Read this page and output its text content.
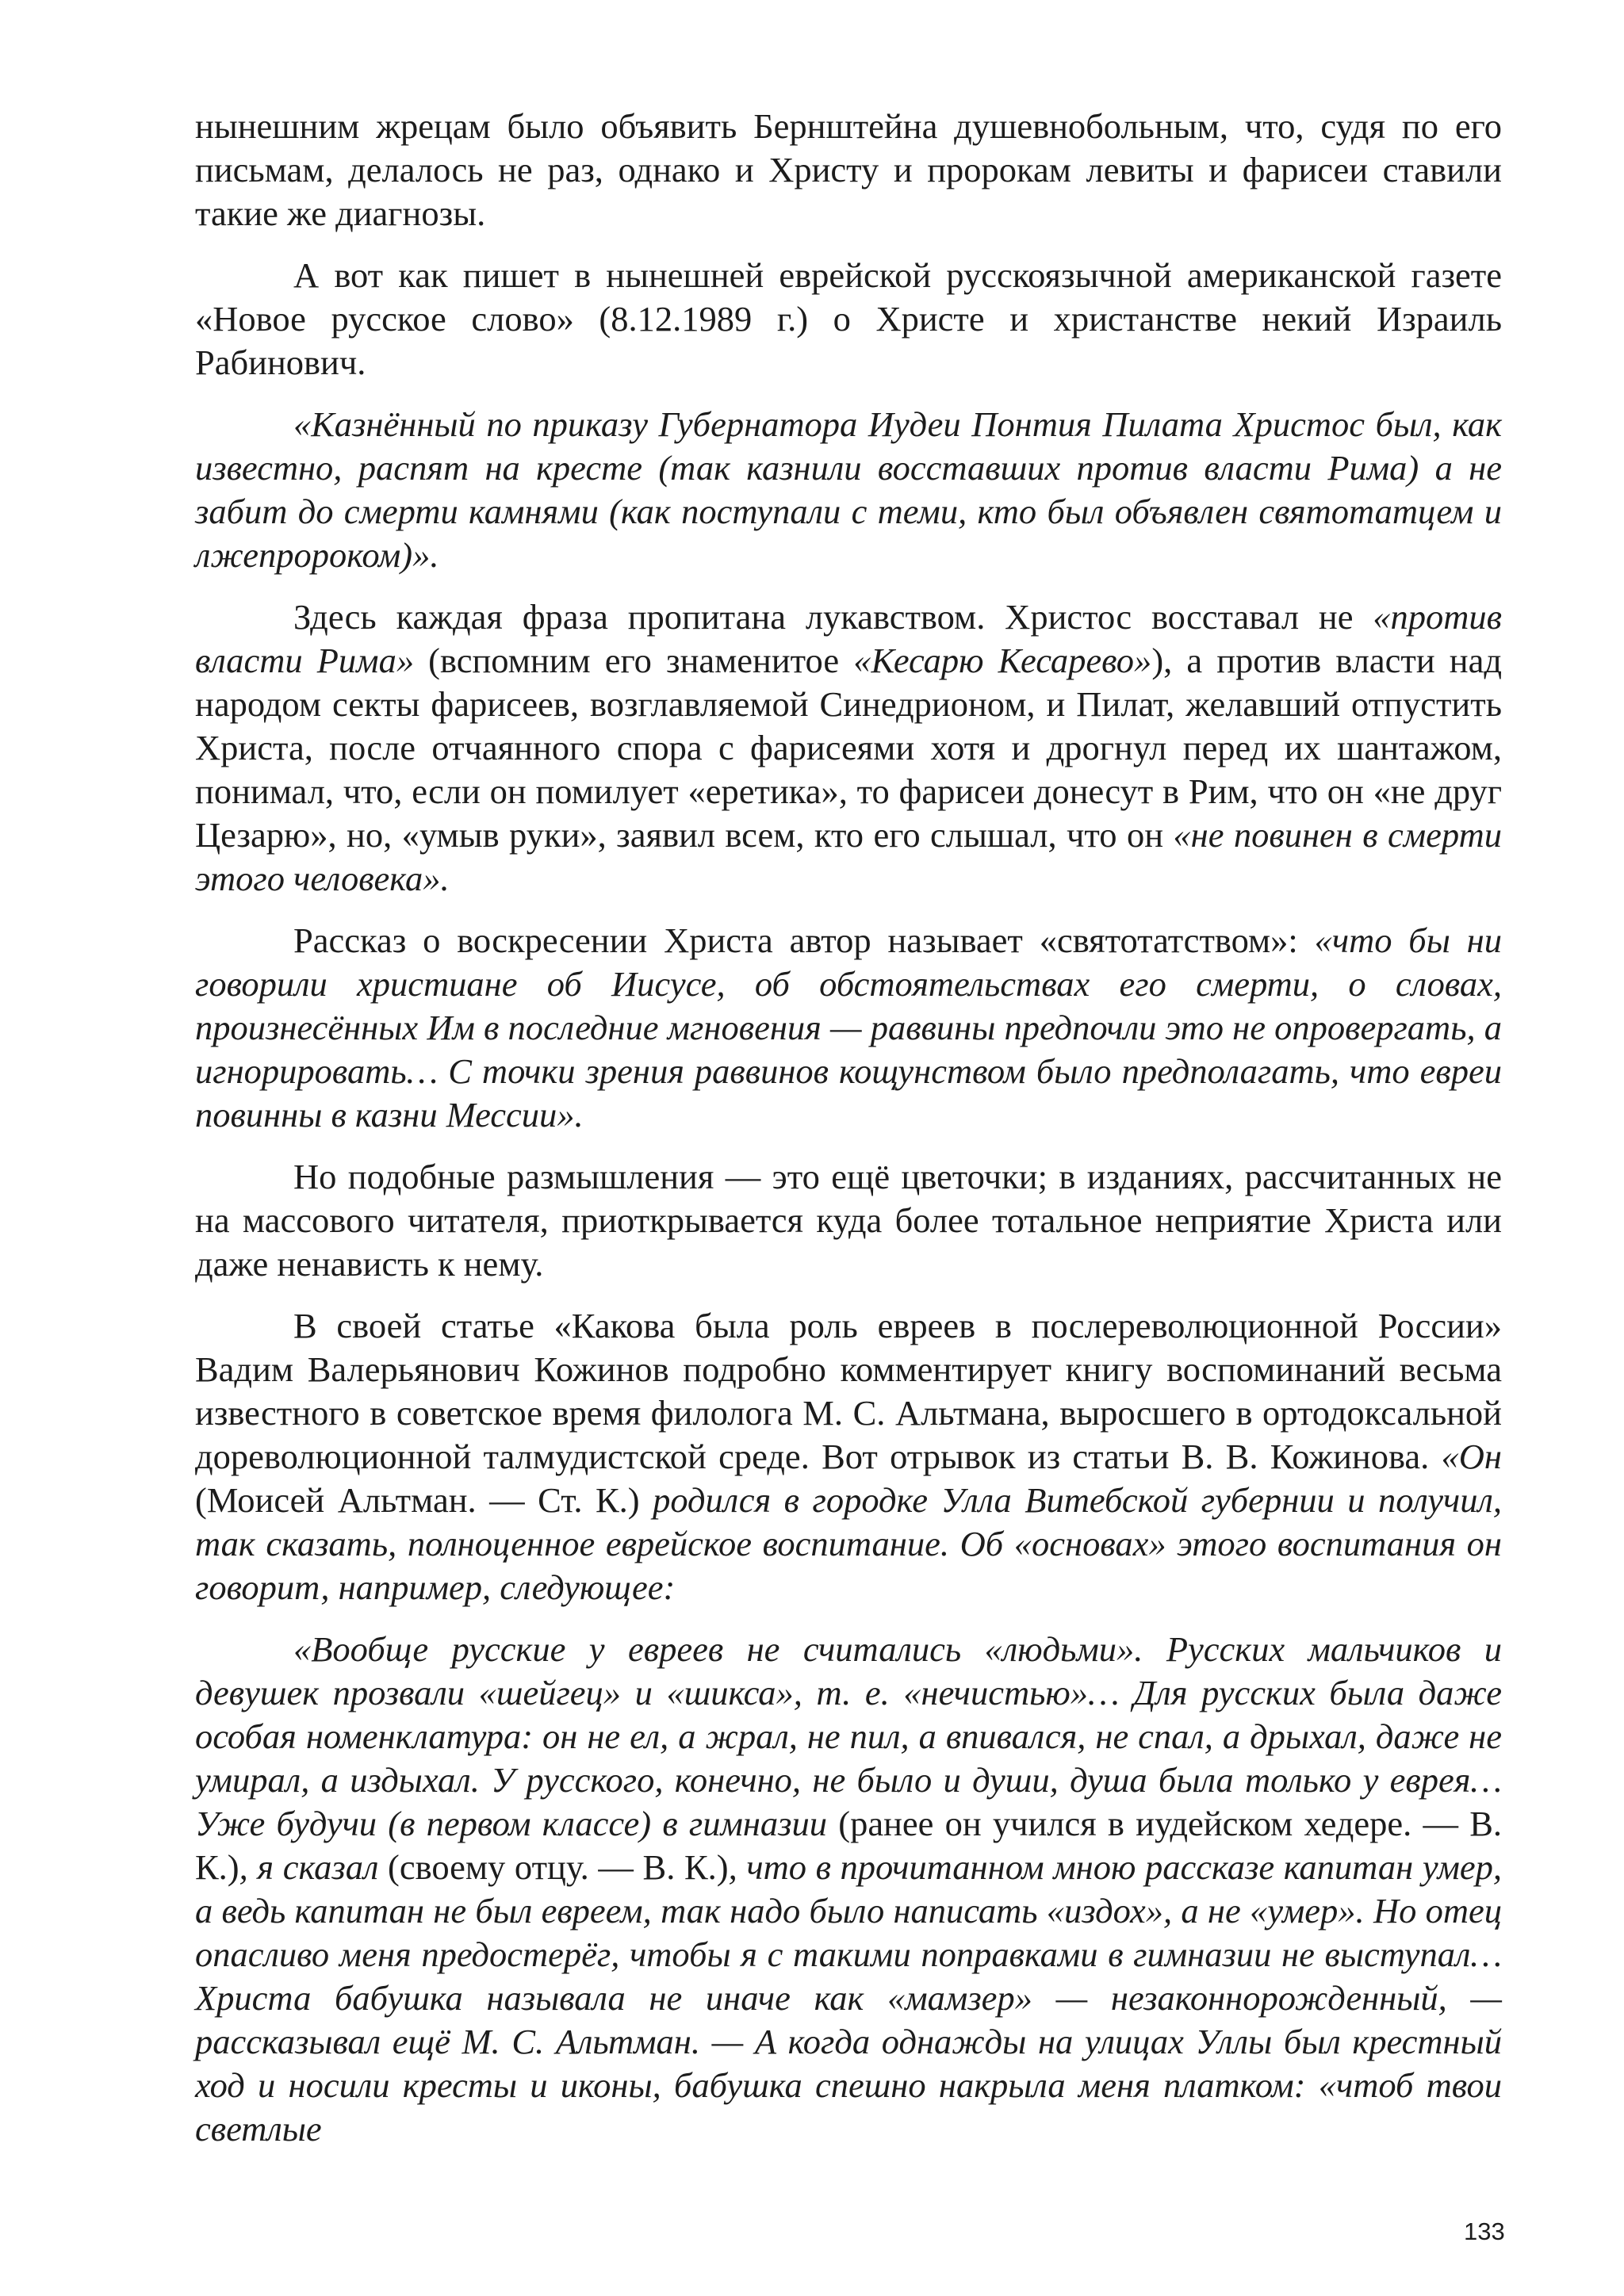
нынешним жрецам было объявить Бернштейна душевнобольным, что, судя по его письмам, делалось не раз, однако и Христу и пророкам левиты и фарисеи ставили такие же диагнозы.

А вот как пишет в нынешней еврейской русскоязычной американской газете «Новое русское слово» (8.12.1989 г.) о Христе и христанстве некий Израиль Рабинович.

«Казнённый по приказу Губернатора Иудеи Понтия Пилата Христос был, как известно, распят на кресте (так казнили восставших против власти Рима) а не забит до смерти камнями (как поступали с теми, кто был объявлен святотатцем и лжепророком)».

Здесь каждая фраза пропитана лукавством. Христос восставал не «против власти Рима» (вспомним его знаменитое «Кесарю Кесарево»), а против власти над народом секты фарисеев, возглавляемой Синедрионом, и Пилат, желавший отпустить Христа, после отчаянного спора с фарисеями хотя и дрогнул перед их шантажом, понимал, что, если он помилует «еретика», то фарисеи донесут в Рим, что он «не друг Цезарю», но, «умыв руки», заявил всем, кто его слышал, что он «не повинен в смерти этого человека».

Рассказ о воскресении Христа автор называет «святотатством»: «что бы ни говорили христиане об Иисусе, об обстоятельствах его смерти, о словах, произнесённых Им в последние мгновения — раввины предпочли это не опровергать, а игнорировать… С точки зрения раввинов кощунством было предполагать, что евреи повинны в казни Мессии».

Но подобные размышления — это ещё цветочки; в изданиях, рассчитанных не на массового читателя, приоткрывается куда более тотальное неприятие Христа или даже ненависть к нему.

В своей статье «Какова была роль евреев в послереволюционной России» Вадим Валерьянович Кожинов подробно комментирует книгу воспоминаний весьма известного в советское время филолога М. С. Альтмана, выросшего в ортодоксальной дореволюционной талмудистской среде. Вот отрывок из статьи В. В. Кожинова. «Он (Моисей Альтман. — Ст. К.) родился в городке Улла Витебской губернии и получил, так сказать, полноценное еврейское воспитание. Об «основах» этого воспитания он говорит, например, следующее:

«Вообще русские у евреев не считались «людьми». Русских мальчиков и девушек прозвали «шейгец» и «шикса», т. е. «нечистью»… Для русских была даже особая номенклатура: он не ел, а жрал, не пил, а впивался, не спал, а дрыхал, даже не умирал, а издыхал. У русского, конечно, не было и души, душа была только у еврея… Уже будучи (в первом классе) в гимназии (ранее он учился в иудейском хедере. — В. К.), я сказал (своему отцу. — В. К.), что в прочитанном мною рассказе капитан умер, а ведь капитан не был евреем, так надо было написать «издох», а не «умер». Но отец опасливо меня предостерёг, чтобы я с такими поправками в гимназии не выступал… Христа бабушка называла не иначе как «мамзер» — незаконнорожденный, — рассказывал ещё М. С. Альтман. — А когда однажды на улицах Уллы был крестный ход и носили кресты и иконы, бабушка спешно накрыла меня платком: «чтоб твои светлые

133
